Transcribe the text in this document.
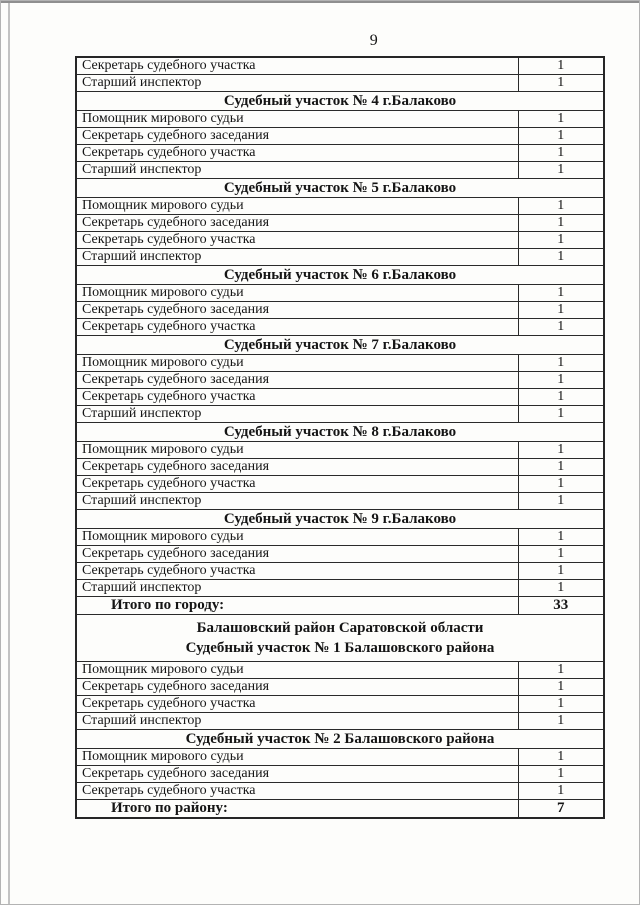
9
Секретарь судебного участка	1
Старший инспектор	1

Судебный участок № 4 г.Балаково	

Помощник мирового судьи	1
Секретарь судебного заседания	1
Секретарь судебного участка	1
Старший инспектор	1

Судебный участок № 5 г.Балаково	

Помощник мирового судьи	1
Секретарь судебного заседания	1
Секретарь судебного участка	1
Старший инспектор	1

Судебный участок № 6 г.Балаково	

Помощник мирового судьи	1
Секретарь судебного заседания	1
Секретарь судебного участка	1

Судебный участок № 7 г.Балаково	

Помощник мирового судьи	1
Секретарь судебного заседания	1
Секретарь судебного участка	1
Старший инспектор	1

Судебный участок № 8 г.Балаково	

Помощник мирового судьи	1
Секретарь судебного заседания	1
Секретарь судебного участка	1
Старший инспектор	1

Судебный участок № 9 г.Балаково	

Помощник мирового судьи	1
Секретарь судебного заседания	1
Секретарь судебного участка	1
Старший инспектор	1
Итого по городу:	33

Балашовский район Саратовской области
Судебный участок № 1 Балашовского района	

Помощник мирового судьи	1
Секретарь судебного заседания	1
Секретарь судебного участка	1
Старший инспектор	1

Судебный участок № 2 Балашовского района	

Помощник мирового судьи	1
Секретарь судебного заседания	1
Секретарь судебного участка	1
Итого по району:	7
